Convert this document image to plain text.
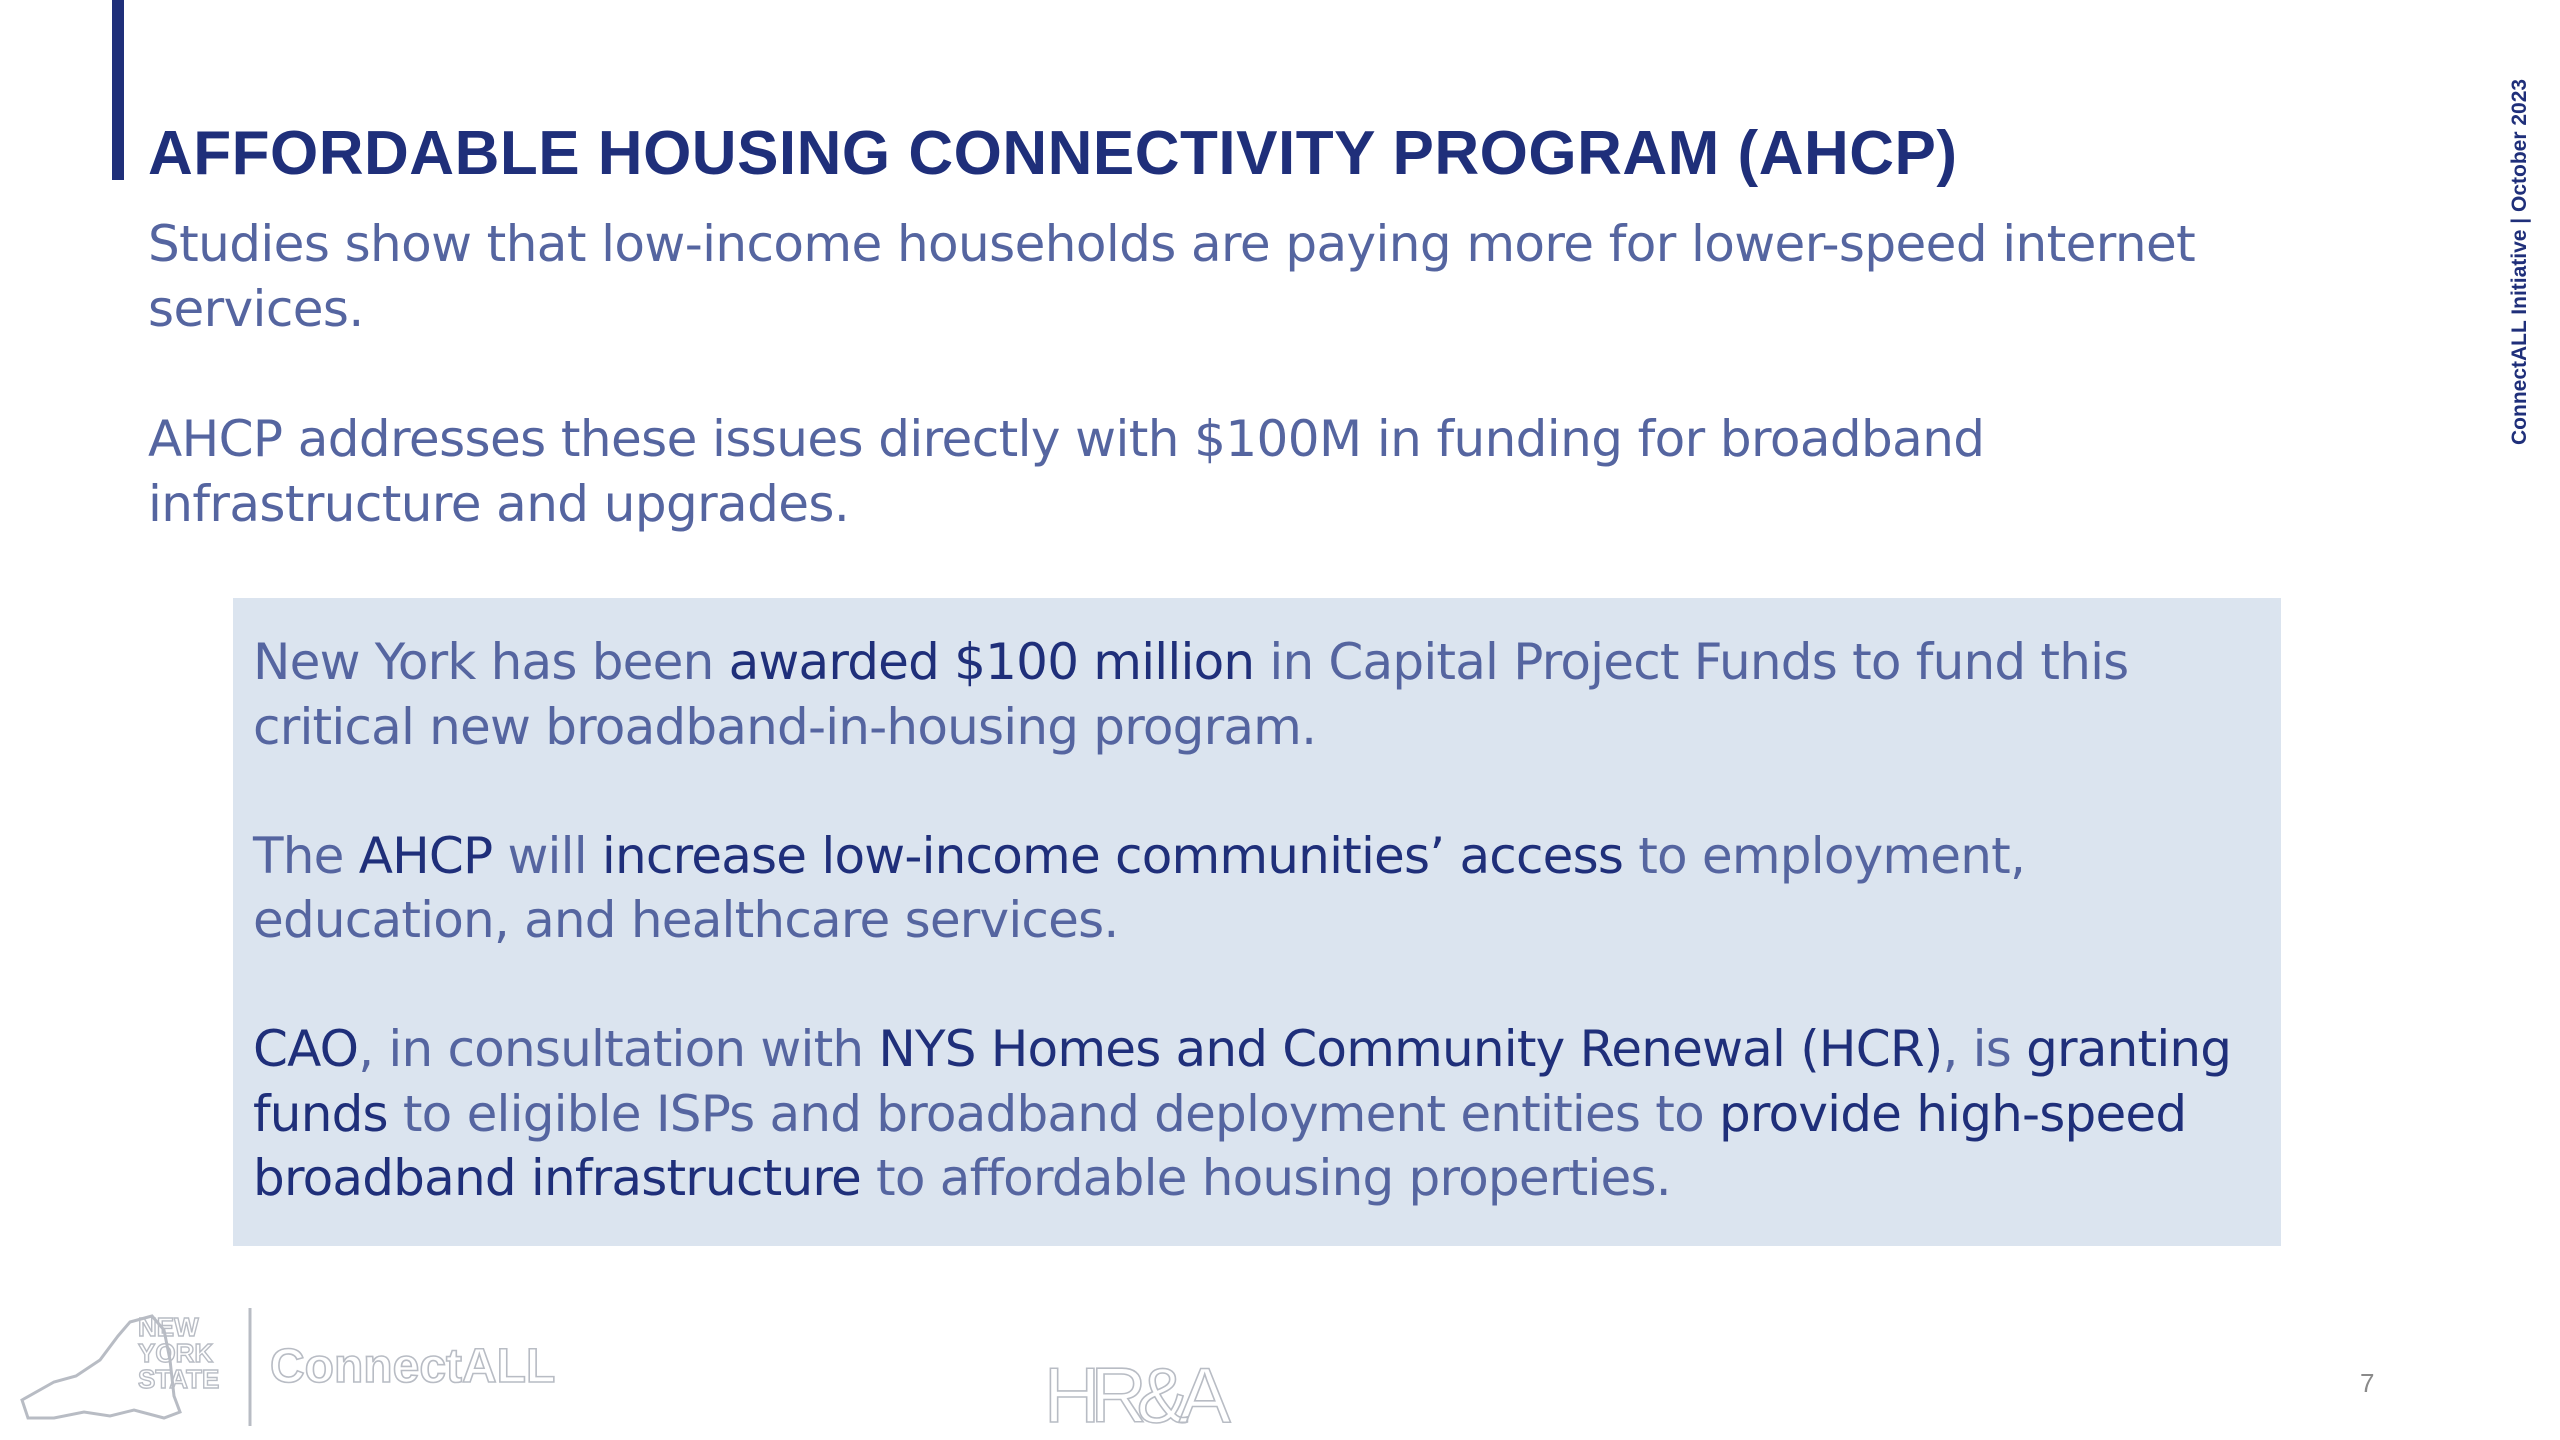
AFFORDABLE HOUSING CONNECTIVITY PROGRAM (AHCP)	ConnectALL Initiative | October 2023

Studies show that low-income households are paying more for lower-speed internet services.

AHCP addresses these issues directly with $100M in funding for broadband infrastructure and upgrades.

New York has been awarded $100 million in Capital Project Funds to fund this critical new broadband-in-housing program.

The AHCP will increase low-income communities’ access to employment, education, and healthcare services.

CAO, in consultation with NYS Homes and Community Renewal (HCR), is granting funds to eligible ISPs and broadband deployment entities to provide high-speed broadband infrastructure to affordable housing properties.

NEW
YORK
STATE ConnectALL	HR&A	7
